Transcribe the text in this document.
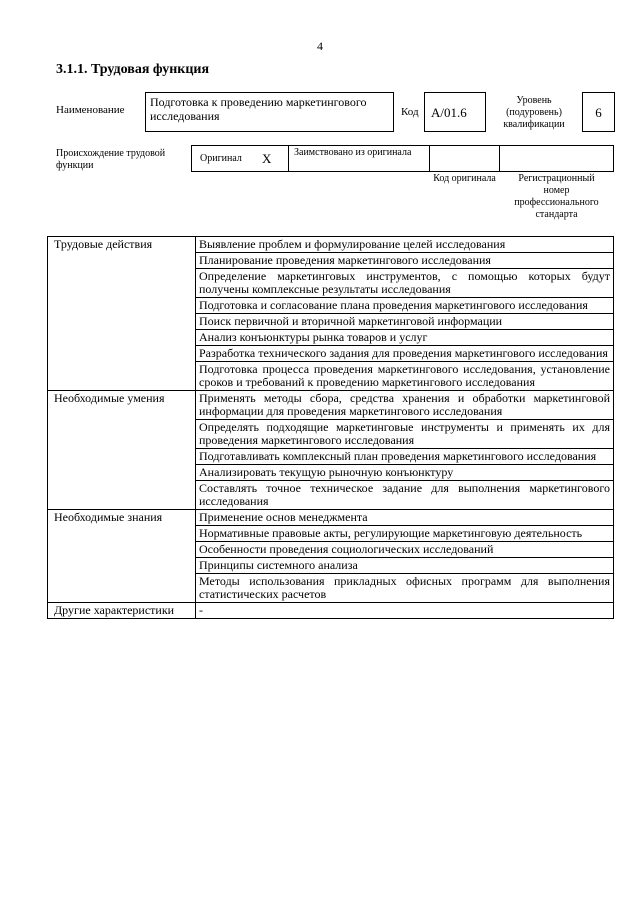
4
3.1.1. Трудовая функция
Наименование
Подготовка к проведению маркетингового исследования	Код A/01.6
Уровень (подуровень) квалификации
6
Происхождение трудовой функции
Оригинал X	Заимствовано из оригинала
Код оригинала	Регистрационный номер профессионального стандарта
Трудовые действия	Выявление проблем и формулирование целей исследования
	Планирование проведения маркетингового исследования
	Определение маркетинговых инструментов, с помощью которых будут получены комплексные результаты исследования
	Подготовка и согласование плана проведения маркетингового исследования
	Поиск первичной и вторичной маркетинговой информации
	Анализ конъюнктуры рынка товаров и услуг
	Разработка технического задания для проведения маркетингового исследования
	Подготовка процесса проведения маркетингового исследования, установление сроков и требований к проведению маркетингового исследования
Необходимые умения	Применять методы сбора, средства хранения и обработки маркетинговой информации для проведения маркетингового исследования
	Определять подходящие маркетинговые инструменты и применять их для проведения маркетингового исследования
	Подготавливать комплексный план проведения маркетингового исследования
	Анализировать текущую рыночную конъюнктуру
	Составлять точное техническое задание для выполнения маркетингового исследования
Необходимые знания	Применение основ менеджмента
	Нормативные правовые акты, регулирующие маркетинговую деятельность
	Особенности проведения социологических исследований
	Принципы системного анализа
	Методы использования прикладных офисных программ для выполнения статистических расчетов
Другие характеристики	-
